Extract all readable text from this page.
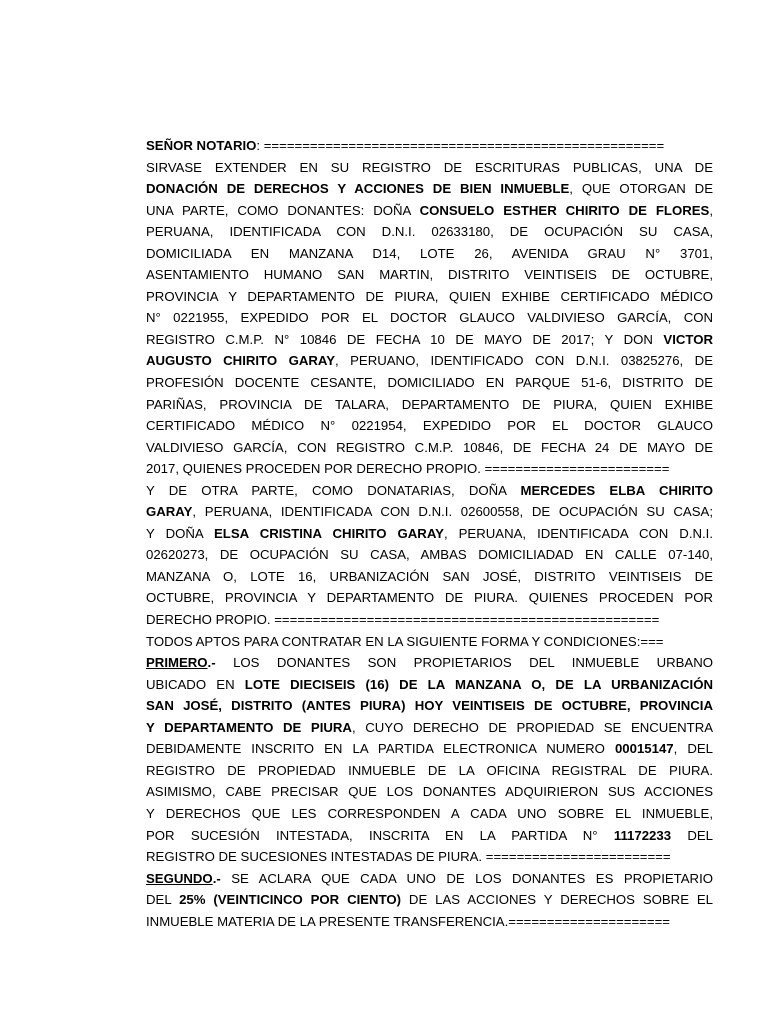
SEÑOR NOTARIO: ====================================================
SIRVASE EXTENDER EN SU REGISTRO DE ESCRITURAS PUBLICAS, UNA DE
DONACIÓN DE DERECHOS Y ACCIONES DE BIEN INMUEBLE, QUE OTORGAN DE
UNA PARTE, COMO DONANTES: DOÑA CONSUELO ESTHER CHIRITO DE FLORES,
PERUANA, IDENTIFICADA CON D.N.I. 02633180, DE OCUPACIÓN SU CASA,
DOMICILIADA EN MANZANA D14, LOTE 26, AVENIDA GRAU N° 3701,
ASENTAMIENTO HUMANO SAN MARTIN, DISTRITO VEINTISEIS DE OCTUBRE,
PROVINCIA Y DEPARTAMENTO DE PIURA, QUIEN EXHIBE CERTIFICADO MÉDICO
N° 0221955, EXPEDIDO POR EL DOCTOR GLAUCO VALDIVIESO GARCÍA, CON
REGISTRO C.M.P. N° 10846 DE FECHA 10 DE MAYO DE 2017; Y DON VICTOR
AUGUSTO CHIRITO GARAY, PERUANO, IDENTIFICADO CON D.N.I. 03825276, DE
PROFESIÓN DOCENTE CESANTE, DOMICILIADO EN PARQUE 51-6, DISTRITO DE
PARIÑAS, PROVINCIA DE TALARA, DEPARTAMENTO DE PIURA, QUIEN EXHIBE
CERTIFICADO MÉDICO N° 0221954, EXPEDIDO POR EL DOCTOR GLAUCO
VALDIVIESO GARCÍA, CON REGISTRO C.M.P. 10846, DE FECHA 24 DE MAYO DE
2017, QUIENES PROCEDEN POR DERECHO PROPIO. ========================
Y DE OTRA PARTE, COMO DONATARIAS, DOÑA MERCEDES ELBA CHIRITO
GARAY, PERUANA, IDENTIFICADA CON D.N.I. 02600558, DE OCUPACIÓN SU CASA;
Y DOÑA ELSA CRISTINA CHIRITO GARAY, PERUANA, IDENTIFICADA CON D.N.I.
02620273, DE OCUPACIÓN SU CASA, AMBAS DOMICILIADAD EN CALLE 07-140,
MANZANA O, LOTE 16, URBANIZACIÓN SAN JOSÉ, DISTRITO VEINTISEIS DE
OCTUBRE, PROVINCIA Y DEPARTAMENTO DE PIURA. QUIENES PROCEDEN POR
DERECHO PROPIO. ==================================================
TODOS APTOS PARA CONTRATAR EN LA SIGUIENTE FORMA Y CONDICIONES:===
PRIMERO.- LOS DONANTES SON PROPIETARIOS DEL INMUEBLE URBANO
UBICADO EN LOTE DIECISEIS (16) DE LA MANZANA O, DE LA URBANIZACIÓN
SAN JOSÉ, DISTRITO (ANTES PIURA) HOY VEINTISEIS DE OCTUBRE, PROVINCIA
Y DEPARTAMENTO DE PIURA, CUYO DERECHO DE PROPIEDAD SE ENCUENTRA
DEBIDAMENTE INSCRITO EN LA PARTIDA ELECTRONICA NUMERO 00015147, DEL
REGISTRO DE PROPIEDAD INMUEBLE DE LA OFICINA REGISTRAL DE PIURA.
ASIMISMO, CABE PRECISAR QUE LOS DONANTES ADQUIRIERON SUS ACCIONES
Y DERECHOS QUE LES CORRESPONDEN A CADA UNO SOBRE EL INMUEBLE,
POR SUCESIÓN INTESTADA, INSCRITA EN LA PARTIDA N° 11172233 DEL
REGISTRO DE SUCESIONES INTESTADAS DE PIURA. ========================
SEGUNDO.- SE ACLARA QUE CADA UNO DE LOS DONANTES ES PROPIETARIO
DEL 25% (VEINTICINCO POR CIENTO) DE LAS ACCIONES Y DERECHOS SOBRE EL
INMUEBLE MATERIA DE LA PRESENTE TRANSFERENCIA.=====================
